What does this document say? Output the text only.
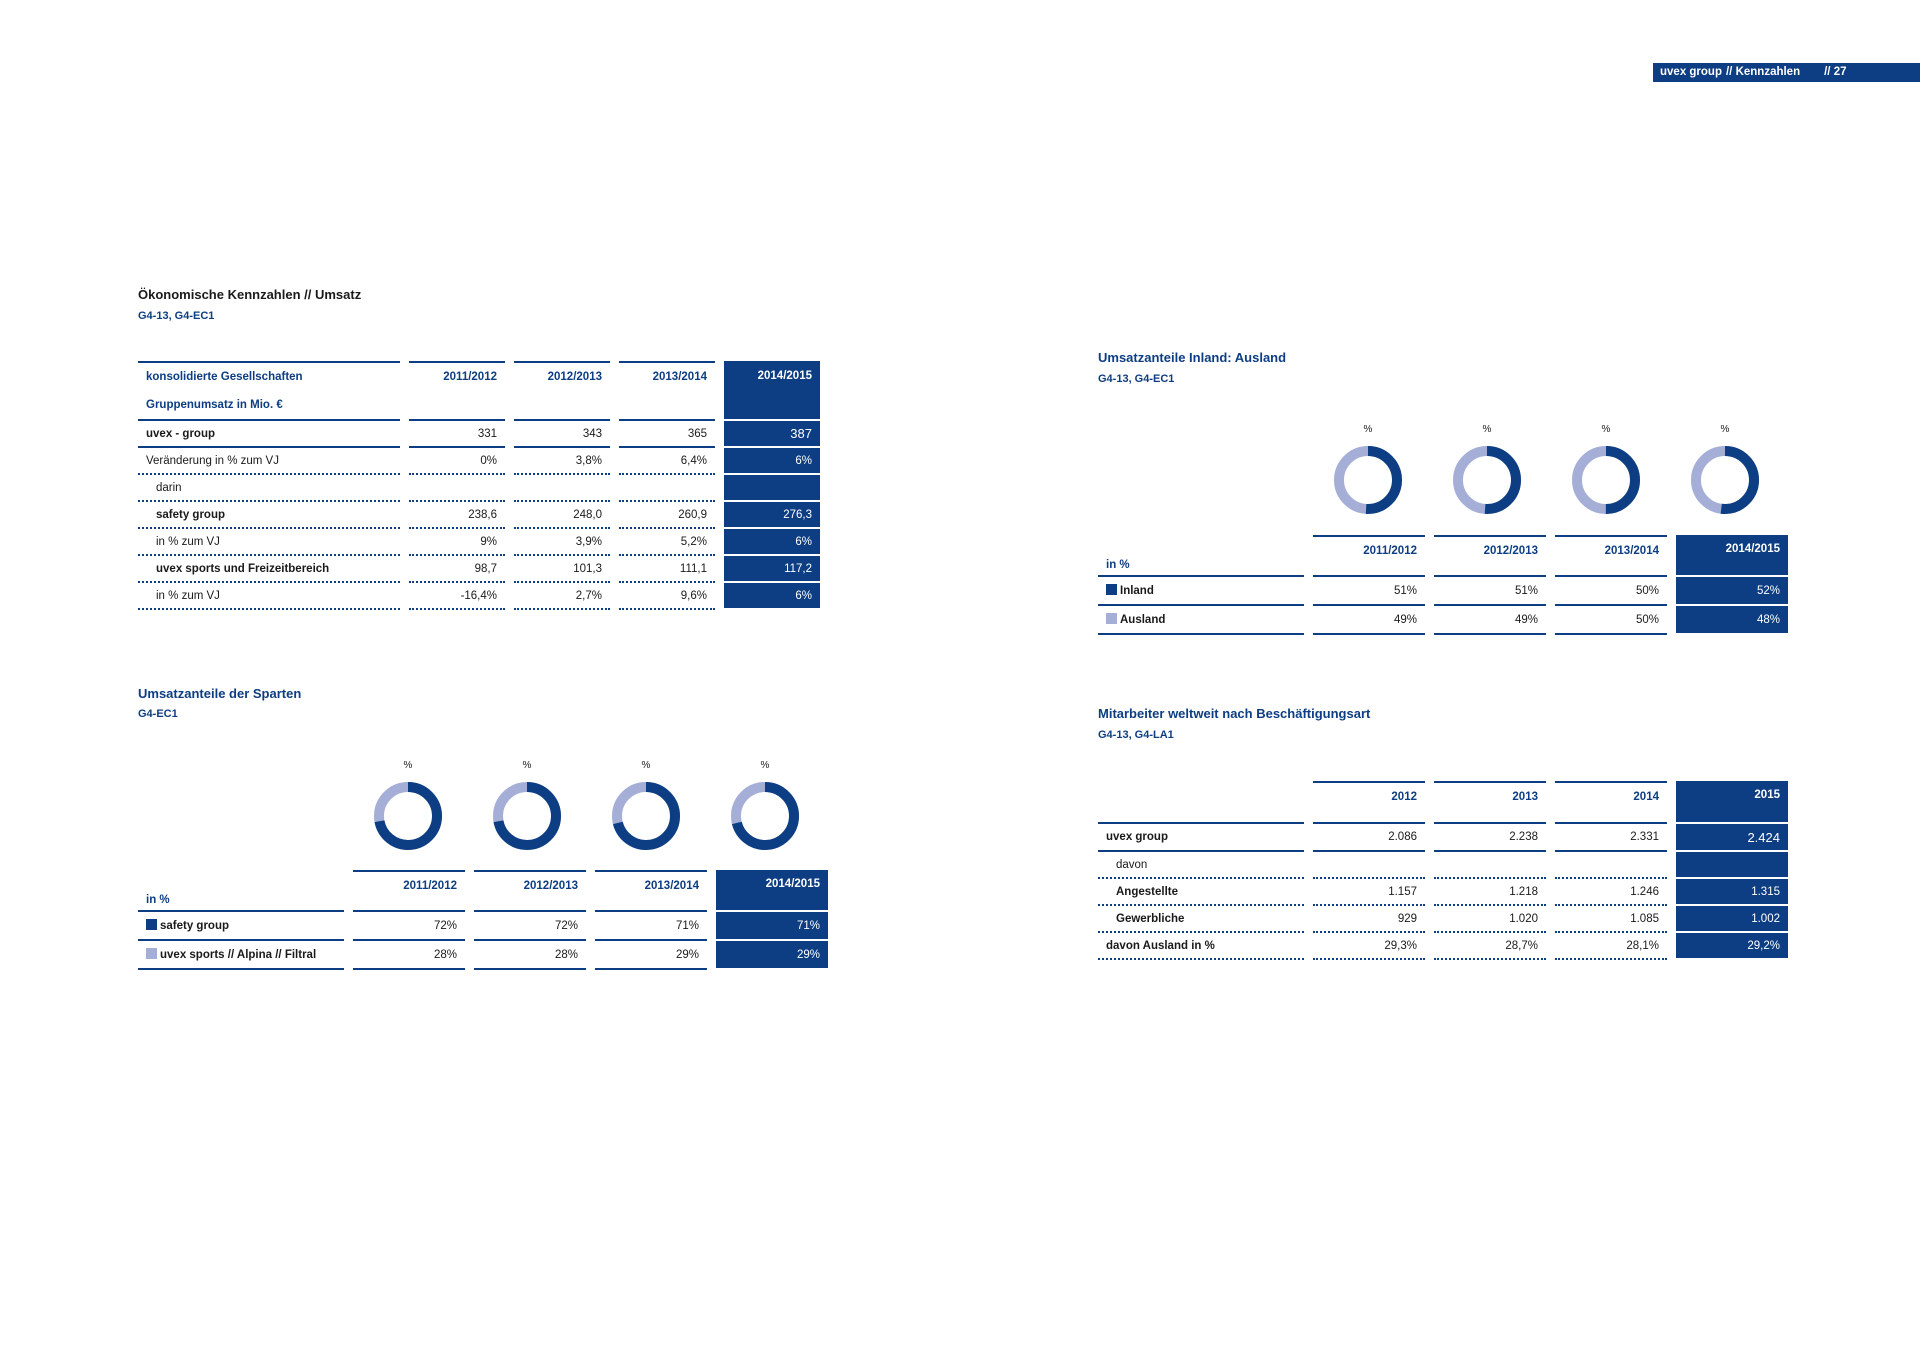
uvex group // Kennzahlen // 27
Ökonomische Kennzahlen // Umsatz
G4-13, G4-EC1
konsolidierte Gesellschaften		2011/2012		2012/2013		2013/2014		2014/2015
Gruppenumsatz in Mio. €								
uvex - group		331		343		365		387
Veränderung in % zum VJ		0%		3,8%		6,4%		6%
darin								
safety group		238,6		248,0		260,9		276,3
in % zum VJ		9%		3,9%		5,2%		6%
uvex sports und Freizeitbereich		98,7		101,3		111,1		117,2
in % zum VJ		-16,4%		2,7%		9,6%		6%
Umsatzanteile der Sparten
G4-EC1
%	%	%	%
in %		2011/2012		2012/2013		2013/2014		2014/2015
safety group		72%		72%		71%		71%
uvex sports // Alpina // Filtral		28%		28%		29%		29%
Umsatzanteile Inland: Ausland
G4-13, G4-EC1
%	%	%	%
in %		2011/2012		2012/2013		2013/2014		2014/2015
Inland		51%		51%		50%		52%
Ausland		49%		49%		50%		48%
Mitarbeiter weltweit nach Beschäftigungsart
G4-13, G4-LA1
		2012		2013		2014		2015
uvex group		2.086		2.238		2.331		2.424
davon								
Angestellte		1.157		1.218		1.246		1.315
Gewerbliche		929		1.020		1.085		1.002
davon Ausland in %		29,3%		28,7%		28,1%		29,2%
